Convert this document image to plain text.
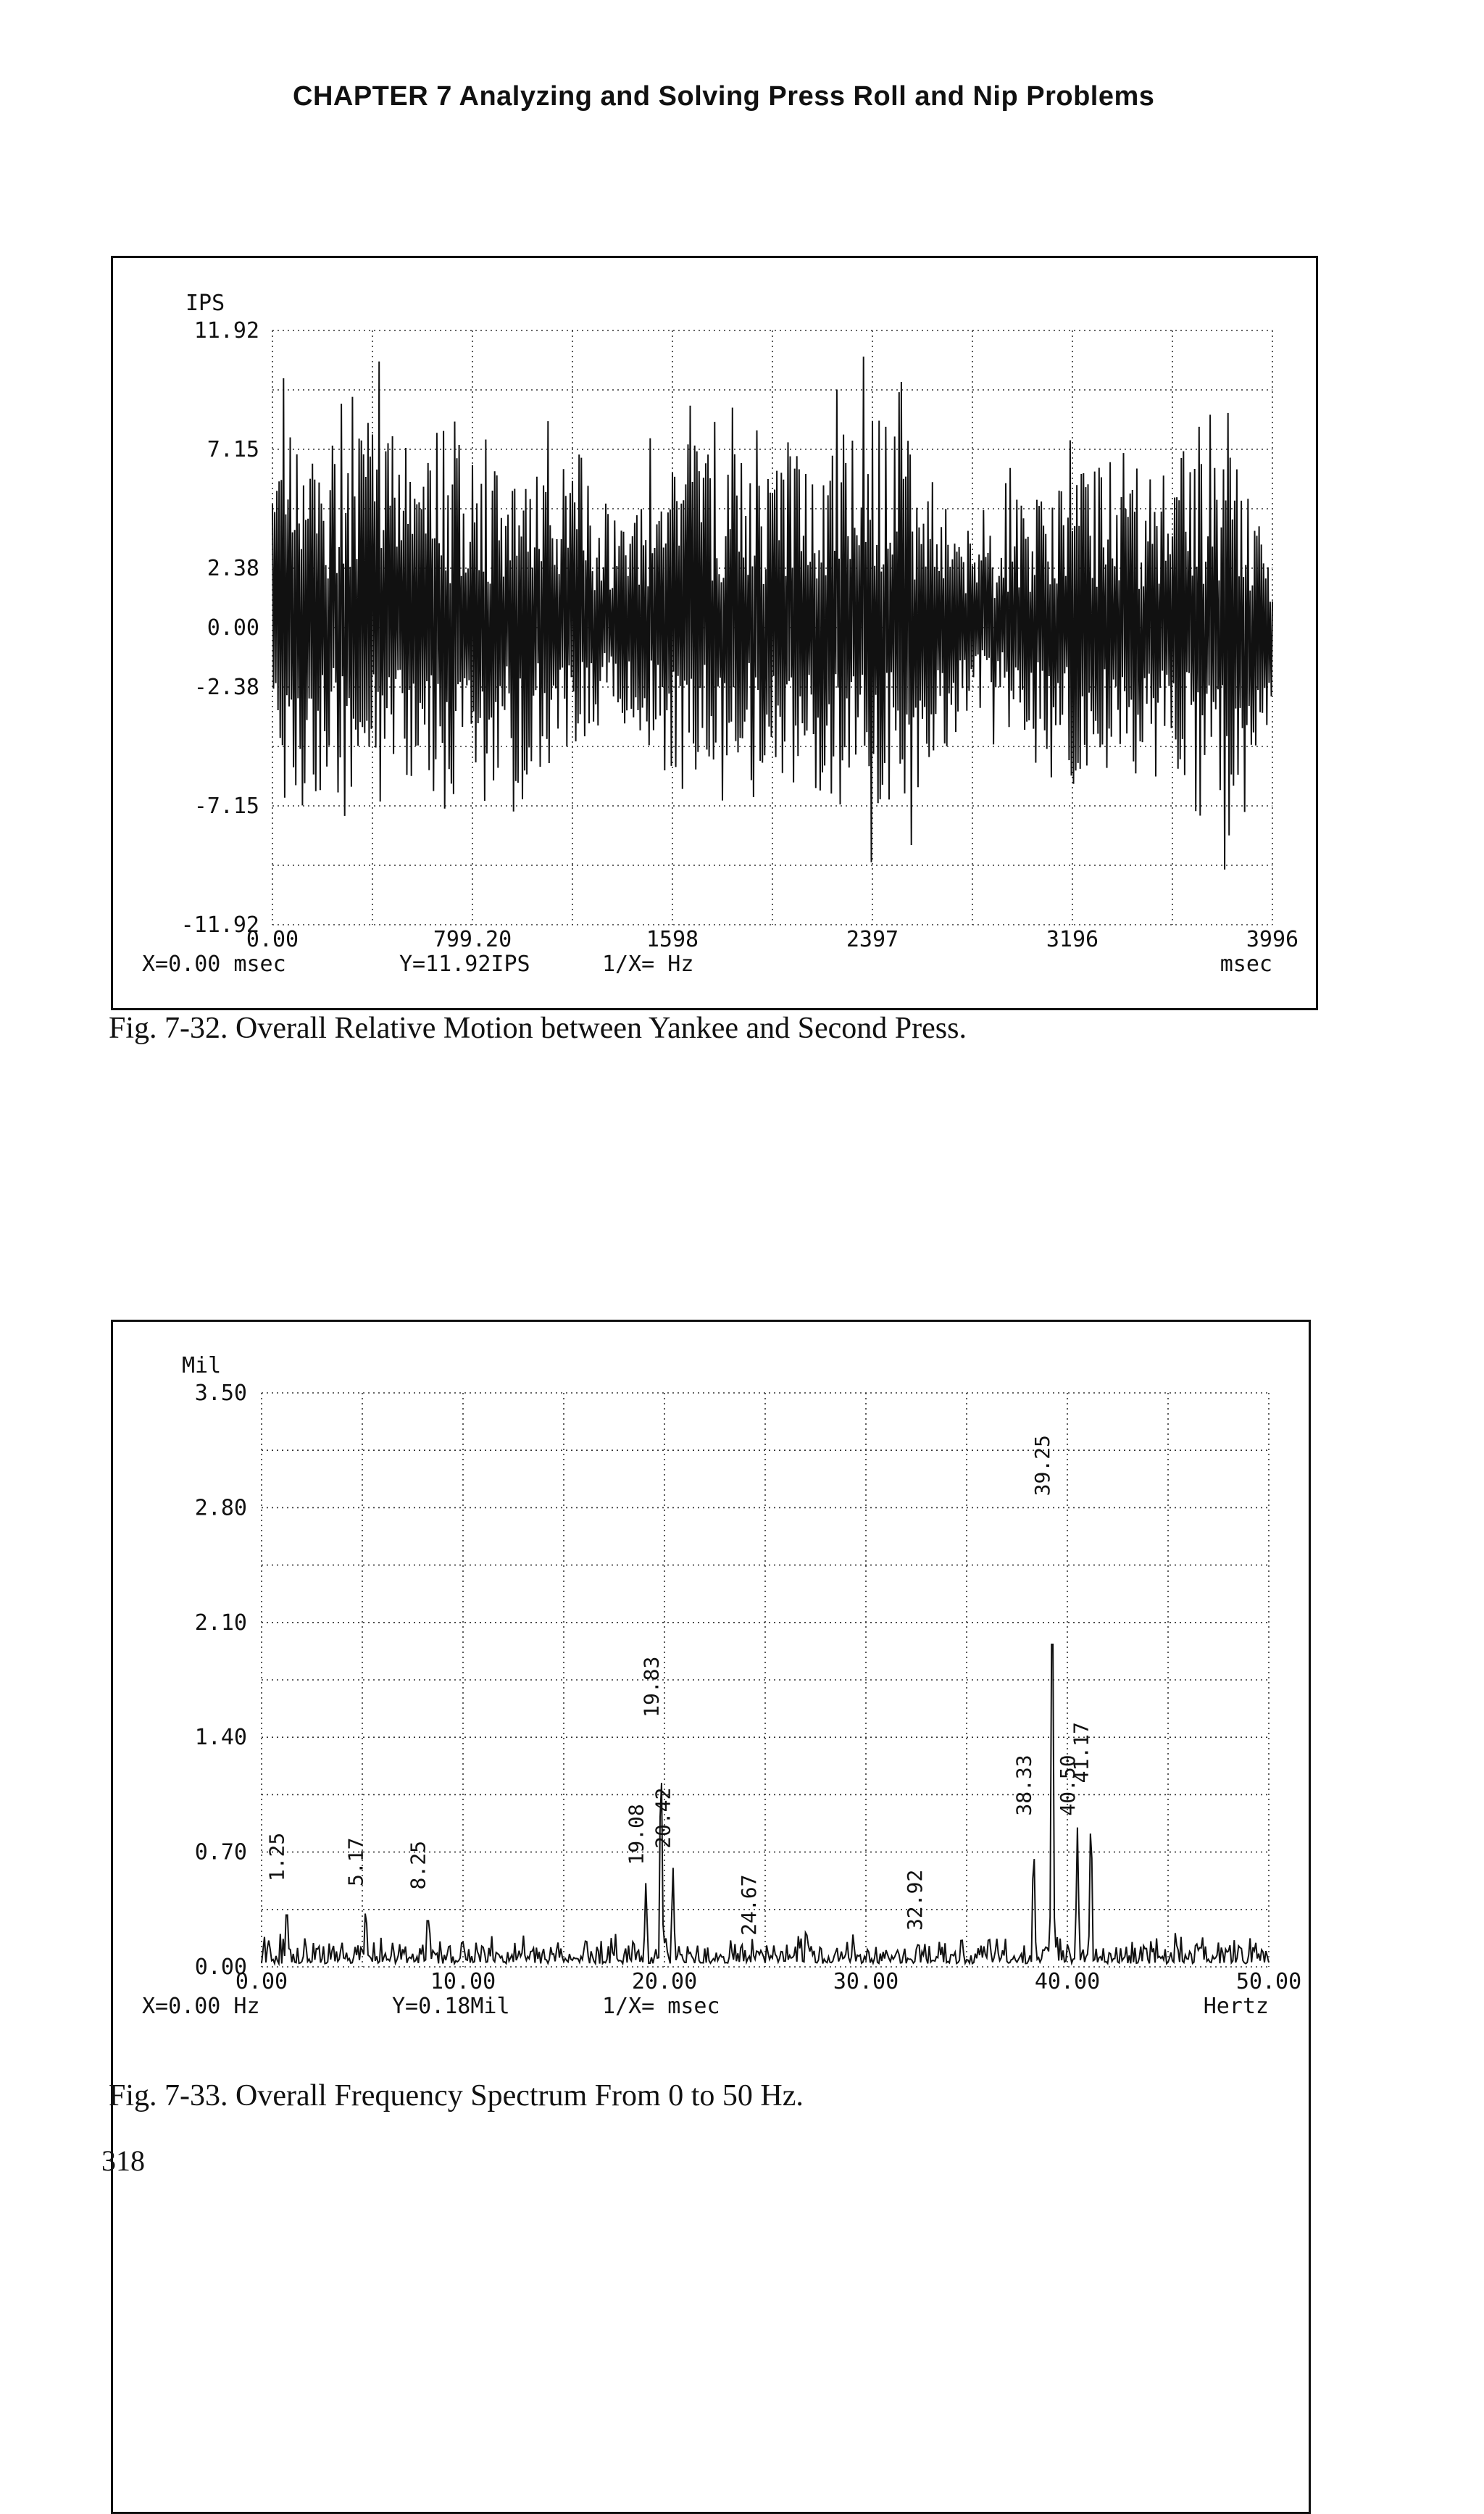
CHAPTER 7 Analyzing and Solving Press Roll and Nip Problems
IPS
11.92
7.15
2.38
0.00
-2.38
-7.15
-11.92
0.00	799.20	1598	2397	3196	3996
msec
X=0.00 msec	Y=11.92IPS	1/X= Hz
Fig. 7-32. Overall Relative Motion between Yankee and Second Press.
Mil
3.50
2.80
2.10
1.40
0.70
0.00
0.00	10.00	20.00	30.00	40.00	50.00
Hertz
X=0.00 Hz	Y=0.18Mil	1/X= msec
1.25	5.17 8.25
19.08
19.83
20.42
24.67	32.92
38.33
39.25
40.50
41.17
Fig. 7-33. Overall Frequency Spectrum From 0 to 50 Hz.
318
